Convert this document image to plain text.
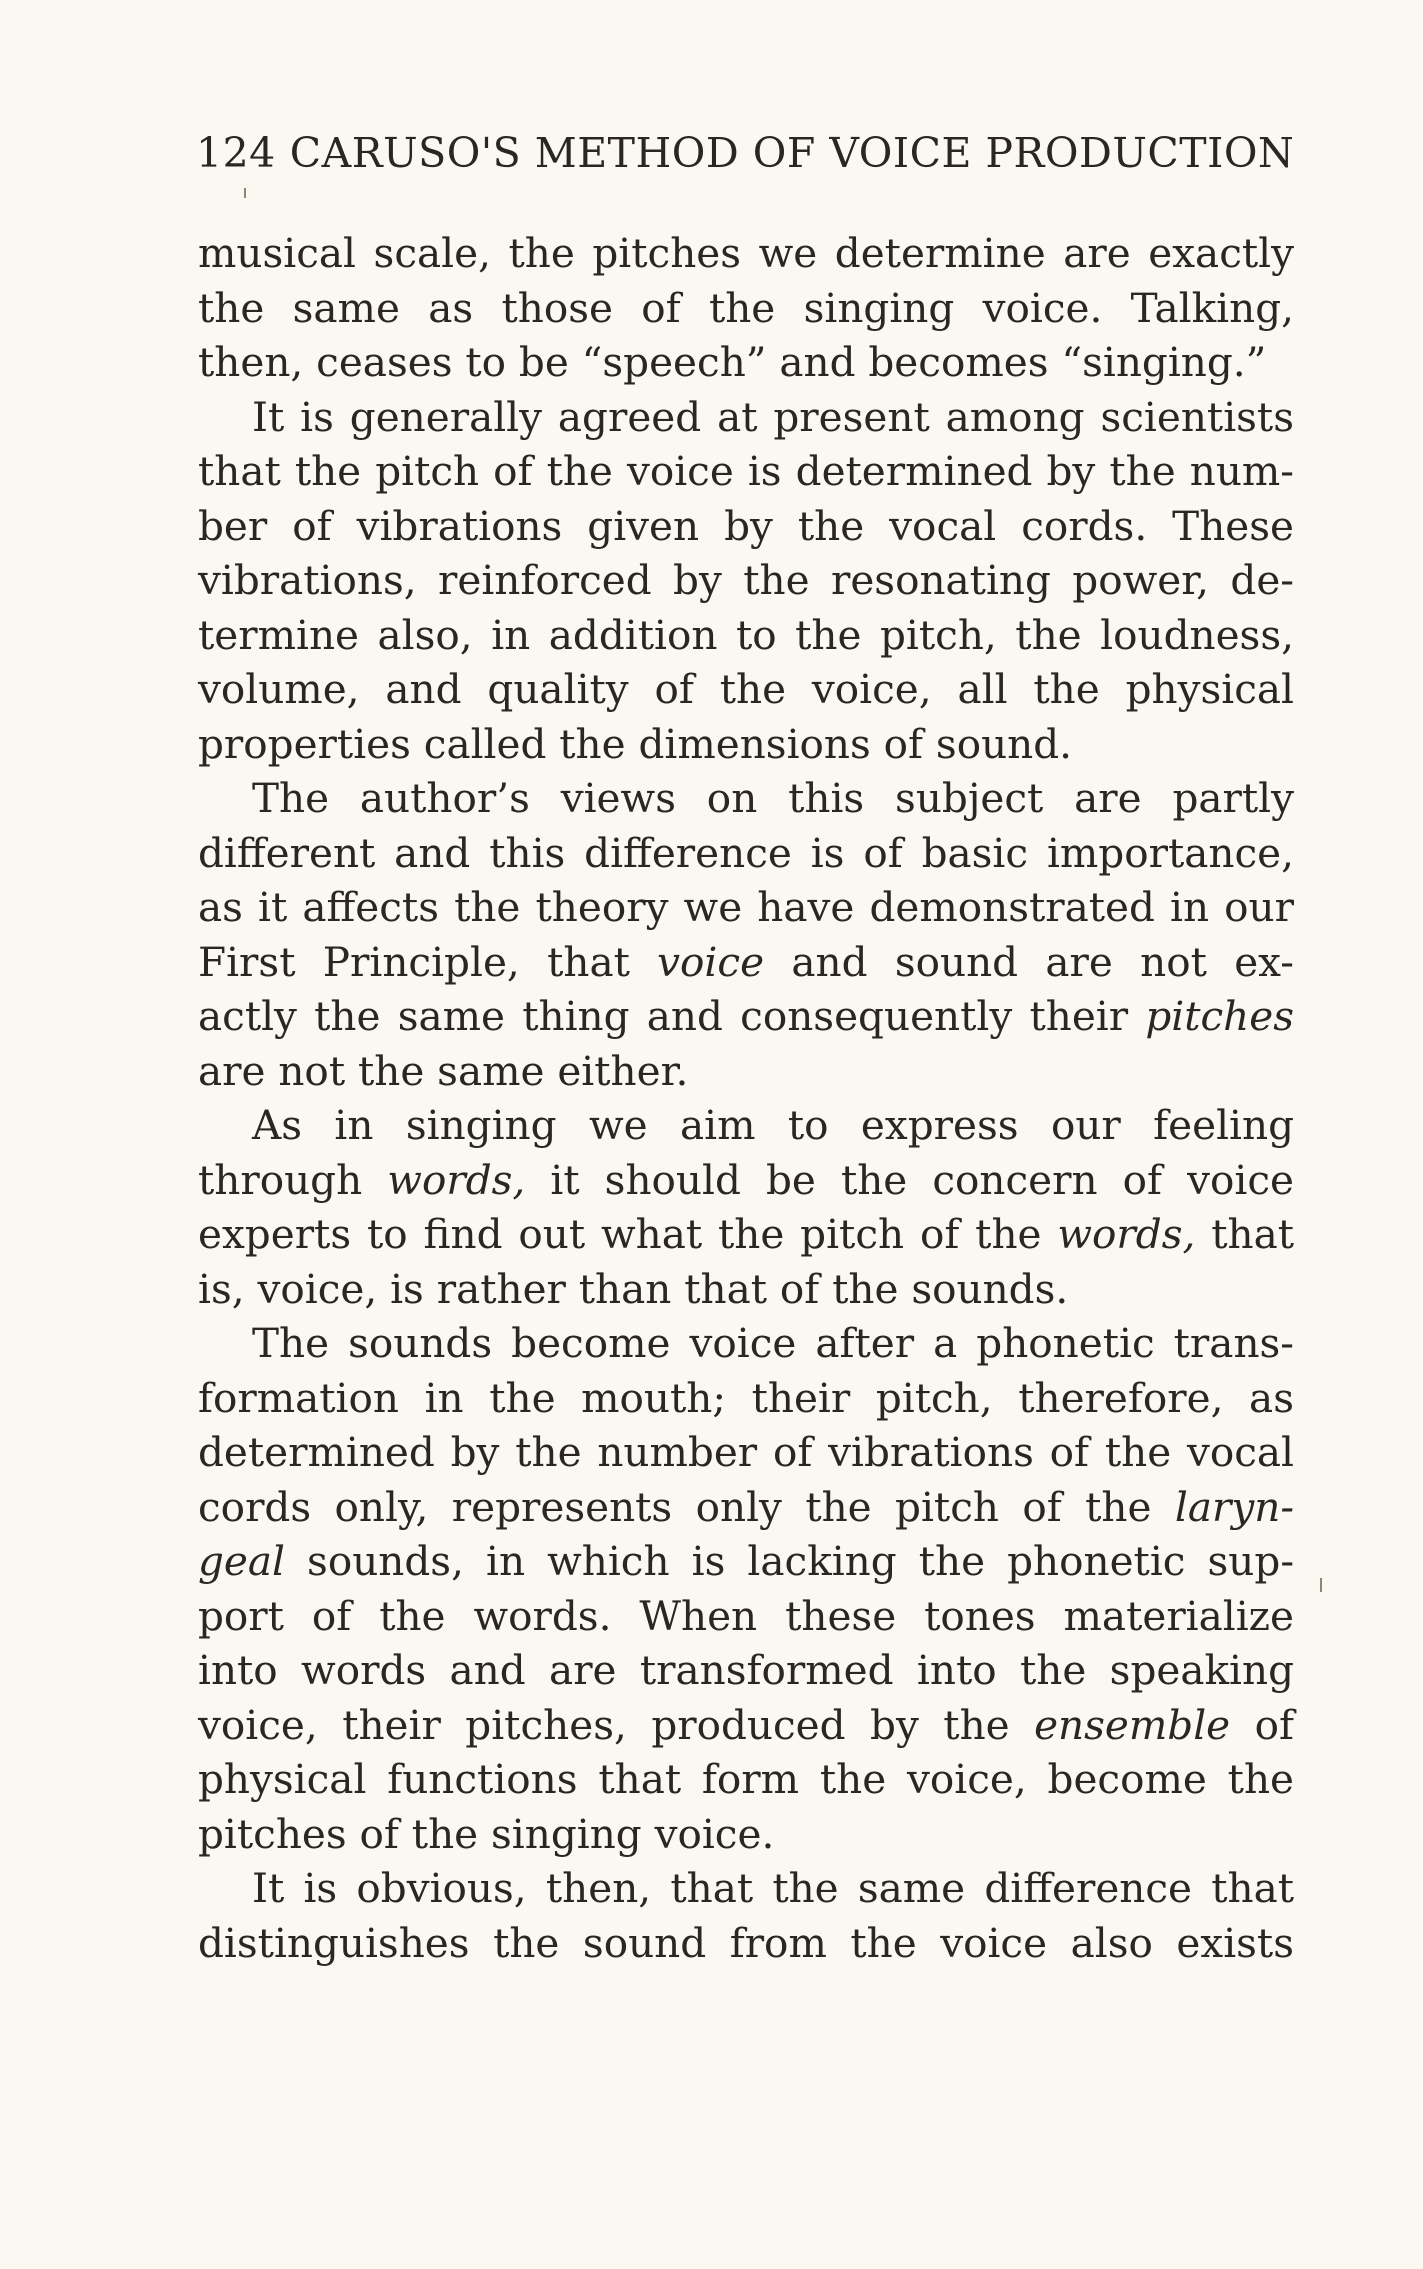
124 CARUSO'S METHOD OF VOICE PRODUCTION
musical scale, the pitches we determine are exactly
the same as those of the singing voice. Talking,
then, ceases to be “speech” and becomes “singing.”
It is generally agreed at present among scientists
that the pitch of the voice is determined by the num-
ber of vibrations given by the vocal cords. These
vibrations, reinforced by the resonating power, de-
termine also, in addition to the pitch, the loudness,
volume, and quality of the voice, all the physical
properties called the dimensions of sound.
The author’s views on this subject are partly
different and this difference is of basic importance,
as it affects the theory we have demonstrated in our
First Principle, that voice and sound are not ex-
actly the same thing and consequently their pitches
are not the same either.
As in singing we aim to express our feeling
through words, it should be the concern of voice
experts to find out what the pitch of the words, that
is, voice, is rather than that of the sounds.
The sounds become voice after a phonetic trans-
formation in the mouth; their pitch, therefore, as
determined by the number of vibrations of the vocal
cords only, represents only the pitch of the laryn-
geal sounds, in which is lacking the phonetic sup-
port of the words. When these tones materialize
into words and are transformed into the speaking
voice, their pitches, produced by the ensemble of
physical functions that form the voice, become the
pitches of the singing voice.
It is obvious, then, that the same difference that
distinguishes the sound from the voice also exists
